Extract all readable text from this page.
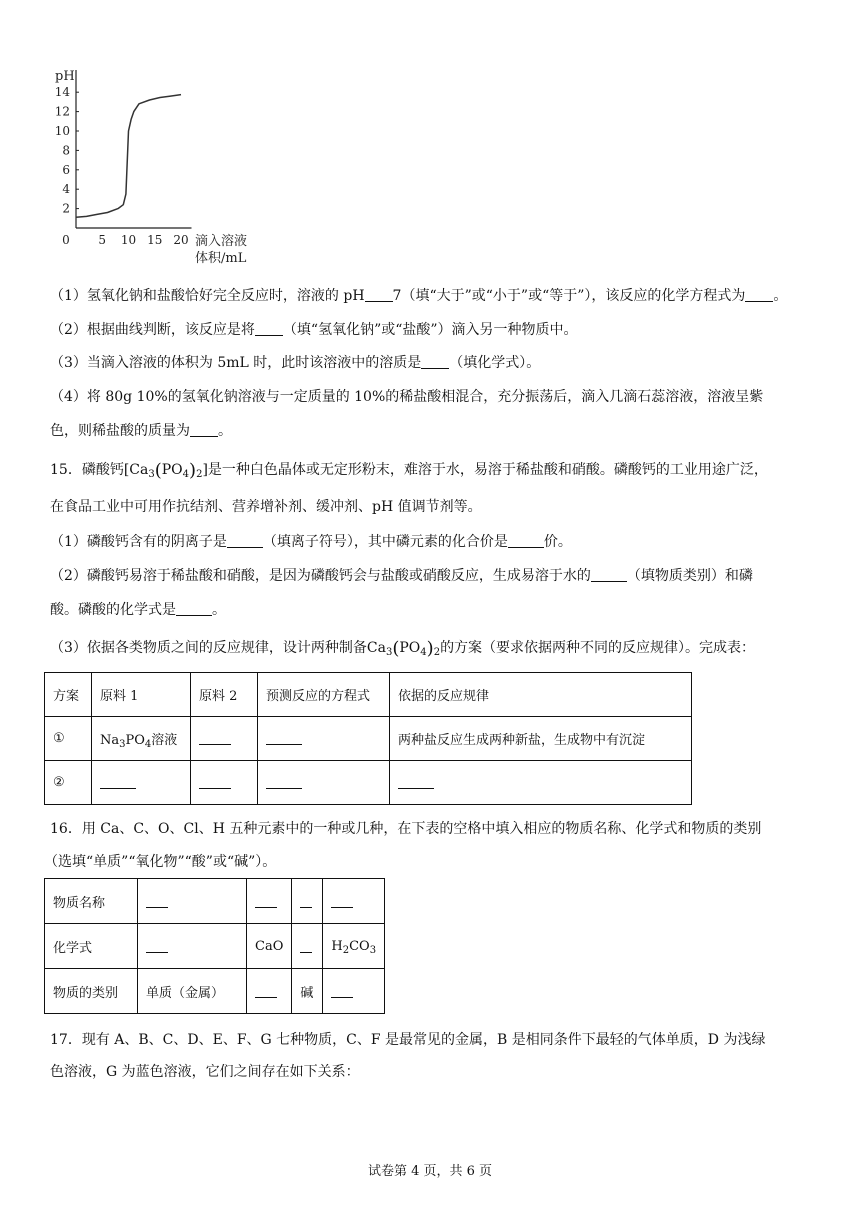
pH
2
4
6
8
10
12
14
0 5 10 15 20 滴入溶液
体积/mL
（1）氢氧化钠和盐酸恰好完全反应时，溶液的 pH 7（填“大于”或“小于”或“等于”），该反应的化学方程式为 。
（2）根据曲线判断，该反应是将 （填“氢氧化钠”或“盐酸”）滴入另一种物质中。
（3）当滴入溶液的体积为 5mL 时，此时该溶液中的溶质是 （填化学式）。
（4）将 80g 10%的氢氧化钠溶液与一定质量的 10%的稀盐酸相混合，充分振荡后，滴入几滴石蕊溶液，溶液呈紫
色，则稀盐酸的质量为 。
15．磷酸钙$[Ca_3(PO_4)_2]$是一种白色晶体或无定形粉末，难溶于水，易溶于稀盐酸和硝酸。磷酸钙的工业用途广泛，
在食品工业中可用作抗结剂、营养增补剂、缓冲剂、pH 值调节剂等。
（1）磷酸钙含有的阴离子是	（填离子符号），其中磷元素的化合价是	价。
（2）磷酸钙易溶于稀盐酸和硝酸，是因为磷酸钙会与盐酸或硝酸反应，生成易溶于水的	（填物质类别）和磷
酸。磷酸的化学式是	。
（3）依据各类物质之间的反应规律，设计两种制备$Ca_3(PO_4)_2$的方案（要求依据两种不同的反应规律）。完成表：
方案	原料 1	原料 2	预测反应的方程式	依据的反应规律
①	$Na_3PO_4$溶液			两种盐反应生成两种新盐，生成物中有沉淀
②				
16．用 Ca、C、O、Cl、H 五种元素中的一种或几种，在下表的空格中填入相应的物质名称、化学式和物质的类别
（选填“单质”“氧化物”“酸”或“碱”）。
物质名称				
化学式		CaO		$H_2CO_3$
物质的类别	单质（金属）		碱	
17．现有 A、B、C、D、E、F、G 七种物质，C、F 是最常见的金属，B 是相同条件下最轻的气体单质，D 为浅绿
色溶液，G 为蓝色溶液，它们之间存在如下关系：
试卷第 4 页，共 6 页
